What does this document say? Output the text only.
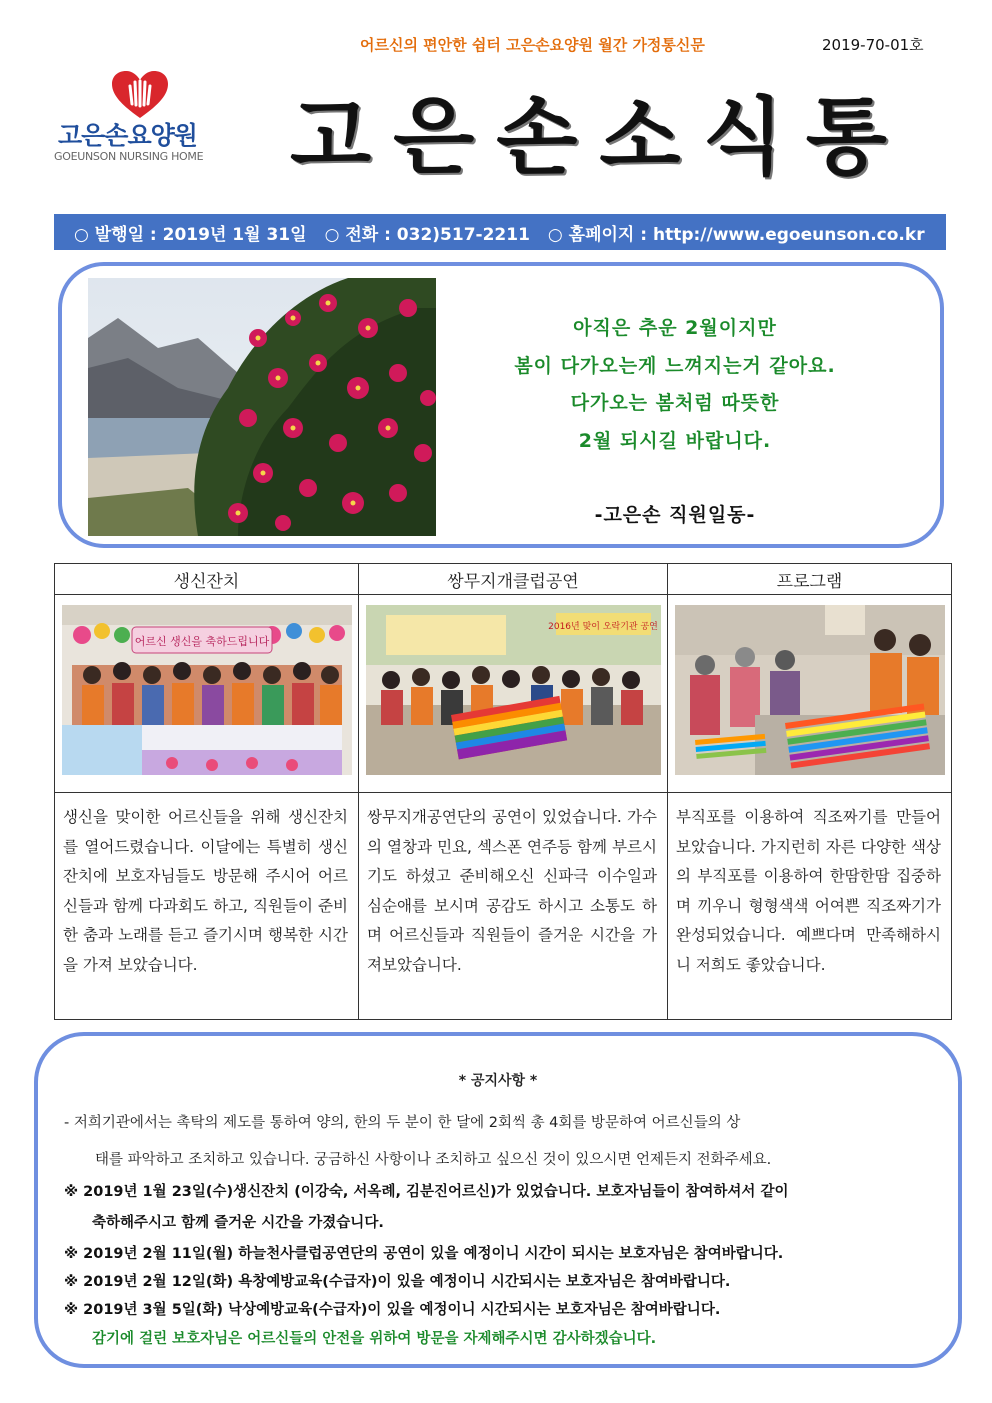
어르신의 편안한 쉼터 고은손요양원 월간 가정통신문	2019-70-01호
고은손요양원
GOEUNSON NURSING HOME 고은손소식통
○ 발행일 : 2019년 1월 31일 ○ 전화 : 032)517-2211 ○ 홈페이지 : http://www.egoeunson.co.kr
아직은 추운 2월이지만
봄이 다가오는게 느껴지는거 같아요.
다가오는 봄처럼 따뜻한
2월 되시길 바랍니다.
-고은손 직원일동-
생신잔치	쌍무지개클럽공연	프로그램

어르신 생신을 축하드립니다	2016년 맞이 오락기관 공연

생신을 맞이한 어르신들을 위해 생신잔치를 열어드렸습니다. 이달에는 특별히 생신잔치에 보호자님들도 방문해 주시어 어르신들과 함께 다과회도 하고, 직원들이 준비한 춤과 노래를 듣고 즐기시며 행복한 시간을 가져 보았습니다.	쌍무지개공연단의 공연이 있었습니다. 가수의 열창과 민요, 섹스폰 연주등 함께 부르시기도 하셨고 준비해오신 신파극 이수일과 심순애를 보시며 공감도 하시고 소통도 하며 어르신들과 직원들이 즐거운 시간을 가져보았습니다.	부직포를 이용하여 직조짜기를 만들어보았습니다. 가지런히 자른 다양한 색상의 부직포를 이용하여 한땀한땀 집중하며 끼우니 형형색색 어여쁜 직조짜기가 완성되었습니다. 예쁘다며 만족해하시니 저희도 좋았습니다.
* 공지사항 *
- 저희기관에서는 촉탁의 제도를 통하여 양의, 한의 두 분이 한 달에 2회씩 총 4회를 방문하여 어르신들의 상
태를 파악하고 조치하고 있습니다. 궁금하신 사항이나 조치하고 싶으신 것이 있으시면 언제든지 전화주세요.
※ 2019년 1월 23일(수)생신잔치 (이강숙, 서옥례, 김분진어르신)가 있었습니다. 보호자님들이 참여하셔서 같이
축하해주시고 함께 즐거운 시간을 가졌습니다.
※ 2019년 2월 11일(월) 하늘천사클럽공연단의 공연이 있을 예정이니 시간이 되시는 보호자님은 참여바랍니다.
※ 2019년 2월 12일(화) 욕창예방교육(수급자)이 있을 예정이니 시간되시는 보호자님은 참여바랍니다.
※ 2019년 3월 5일(화) 낙상예방교육(수급자)이 있을 예정이니 시간되시는 보호자님은 참여바랍니다.
감기에 걸린 보호자님은 어르신들의 안전을 위하여 방문을 자제해주시면 감사하겠습니다.
